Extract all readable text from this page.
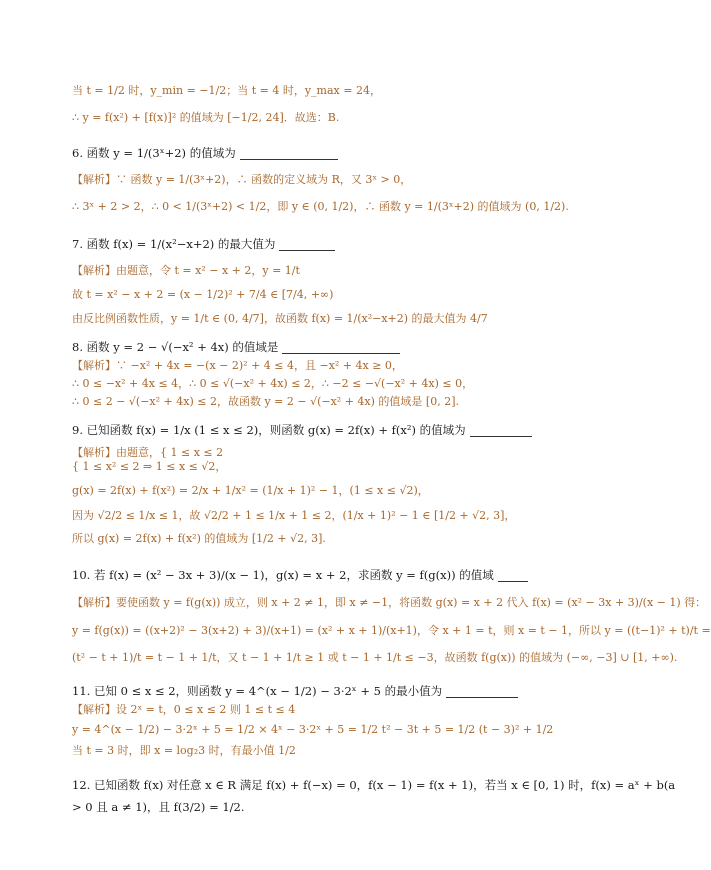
当 t = 1/2 时，y_min = −1/2；当 t = 4 时，y_max = 24，
∴ y = f(x²) + [f(x)]² 的值域为 [−1/2, 24]．故选：B.
6. 函数 y = 1/(3ˣ+2) 的值域为
【解析】∵ 函数 y = 1/(3ˣ+2)，∴ 函数的定义域为 R，又 3ˣ > 0，
∴ 3ˣ + 2 > 2，∴ 0 < 1/(3ˣ+2) < 1/2，即 y ∈ (0, 1/2)，∴ 函数 y = 1/(3ˣ+2) 的值域为 (0, 1/2).
7. 函数 f(x) = 1/(x²−x+2) 的最大值为
【解析】由题意，令 t = x² − x + 2，y = 1/t
故 t = x² − x + 2 = (x − 1/2)² + 7/4 ∈ [7/4, +∞)
由反比例函数性质，y = 1/t ∈ (0, 4/7]，故函数 f(x) = 1/(x²−x+2) 的最大值为 4/7
8. 函数 y = 2 − √(−x² + 4x) 的值域是
【解析】∵ −x² + 4x = −(x − 2)² + 4 ≤ 4，且 −x² + 4x ≥ 0，
∴ 0 ≤ −x² + 4x ≤ 4，∴ 0 ≤ √(−x² + 4x) ≤ 2，∴ −2 ≤ −√(−x² + 4x) ≤ 0，
∴ 0 ≤ 2 − √(−x² + 4x) ≤ 2，故函数 y = 2 − √(−x² + 4x) 的值域是 [0, 2].
9. 已知函数 f(x) = 1/x (1 ≤ x ≤ 2)，则函数 g(x) = 2f(x) + f(x²) 的值域为
【解析】由题意，{ 1 ≤ x ≤ 2
{ 1 ≤ x² ≤ 2 ⇒ 1 ≤ x ≤ √2，
g(x) = 2f(x) + f(x²) = 2/x + 1/x² = (1/x + 1)² − 1，(1 ≤ x ≤ √2)，
因为 √2/2 ≤ 1/x ≤ 1，故 √2/2 + 1 ≤ 1/x + 1 ≤ 2，(1/x + 1)² − 1 ∈ [1/2 + √2, 3]，
所以 g(x) = 2f(x) + f(x²) 的值域为 [1/2 + √2, 3].
10. 若 f(x) = (x² − 3x + 3)/(x − 1)，g(x) = x + 2，求函数 y = f(g(x)) 的值域
【解析】要使函数 y = f(g(x)) 成立，则 x + 2 ≠ 1，即 x ≠ −1，将函数 g(x) = x + 2 代入 f(x) = (x² − 3x + 3)/(x − 1) 得：
y = f(g(x)) = ((x+2)² − 3(x+2) + 3)/(x+1) = (x² + x + 1)/(x+1)，令 x + 1 = t，则 x = t − 1，所以 y = ((t−1)² + t)/t =
(t² − t + 1)/t = t − 1 + 1/t，又 t − 1 + 1/t ≥ 1 或 t − 1 + 1/t ≤ −3，故函数 f(g(x)) 的值域为 (−∞, −3] ∪ [1, +∞).
11. 已知 0 ≤ x ≤ 2，则函数 y = 4^(x − 1/2) − 3·2ˣ + 5 的最小值为
【解析】设 2ˣ = t，0 ≤ x ≤ 2 则 1 ≤ t ≤ 4
y = 4^(x − 1/2) − 3·2ˣ + 5 = 1/2 × 4ˣ − 3·2ˣ + 5 = 1/2 t² − 3t + 5 = 1/2 (t − 3)² + 1/2
当 t = 3 时，即 x = log₂3 时，有最小值 1/2
12. 已知函数 f(x) 对任意 x ∈ R 满足 f(x) + f(−x) = 0，f(x − 1) = f(x + 1)，若当 x ∈ [0, 1) 时，f(x) = aˣ + b(a
> 0 且 a ≠ 1)，且 f(3/2) = 1/2.
